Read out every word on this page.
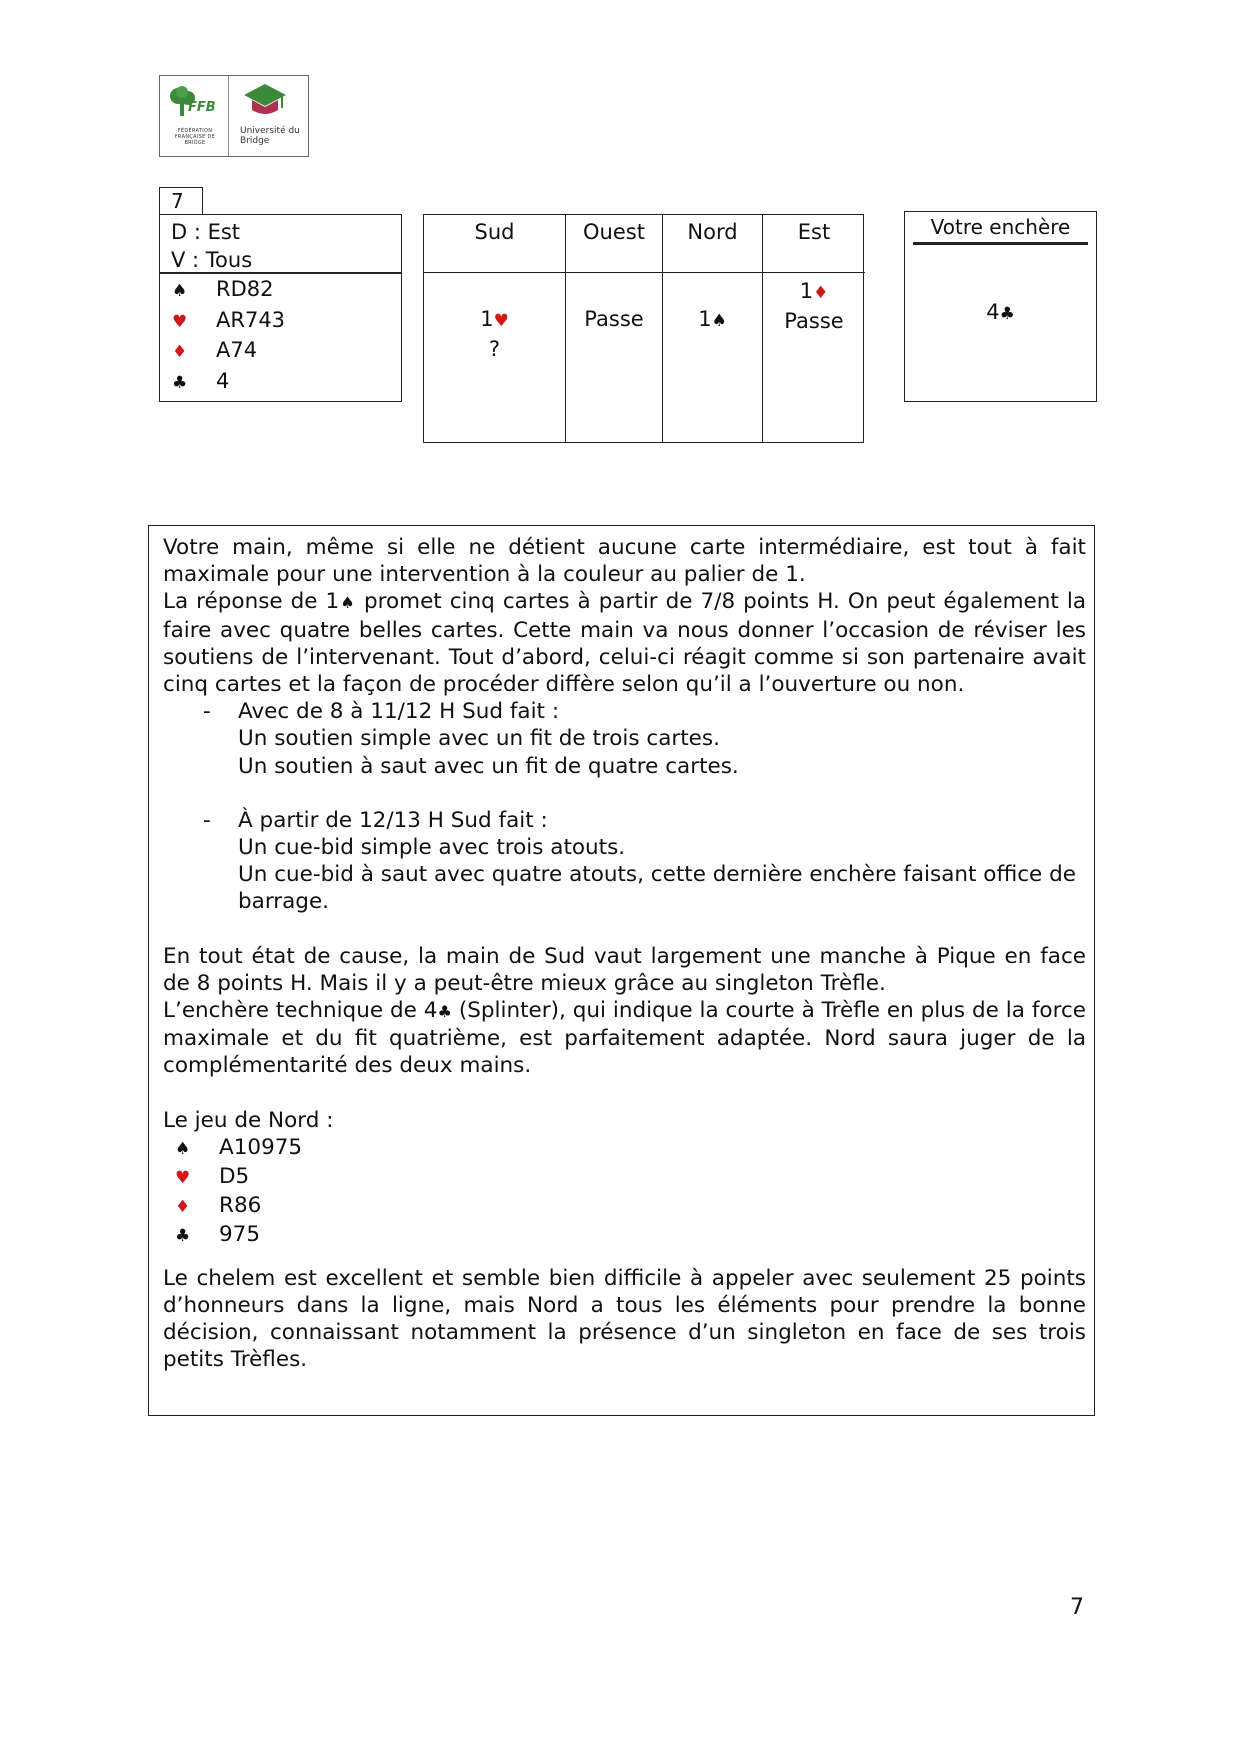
FFB
FÉDÉRATION FRANÇAISE DE BRIDGE
Université du Bridge
7
D : Est
V : Tous
♠ RD82
♥ AR743
♦ A74
♣ 4
Sud
1♥
?
Ouest
Passe
Nord
1♠
Est
1♦
Passe
Votre enchère
4♣

Votre main, même si elle ne détient aucune carte intermédiaire, est tout à fait maximale pour une intervention à la couleur au palier de 1.

La réponse de 1♠ promet cinq cartes à partir de 7/8 points H. On peut également la faire avec quatre belles cartes. Cette main va nous donner l’occasion de réviser les soutiens de l’intervenant. Tout d’abord, celui-ci réagit comme si son partenaire avait cinq cartes et la façon de procéder diffère selon qu’il a l’ouverture ou non.

- Avec de 8 à 11/12 H Sud fait :
Un soutien simple avec un fit de trois cartes.
Un soutien à saut avec un fit de quatre cartes.
- À partir de 12/13 H Sud fait :
Un cue-bid simple avec trois atouts.
Un cue-bid à saut avec quatre atouts, cette dernière enchère faisant office de barrage.

En tout état de cause, la main de Sud vaut largement une manche à Pique en face de 8 points H. Mais il y a peut-être mieux grâce au singleton Trèfle.

L’enchère technique de 4♣ (Splinter), qui indique la courte à Trèfle en plus de la force maximale et du fit quatrième, est parfaitement adaptée. Nord saura juger de la complémentarité des deux mains.

Le jeu de Nord :
♠ A10975
♥ D5
♦ R86
♣ 975

Le chelem est excellent et semble bien difficile à appeler avec seulement 25 points d’honneurs dans la ligne, mais Nord a tous les éléments pour prendre la bonne décision, connaissant notamment la présence d’un singleton en face de ses trois petits Trèfles.

7
